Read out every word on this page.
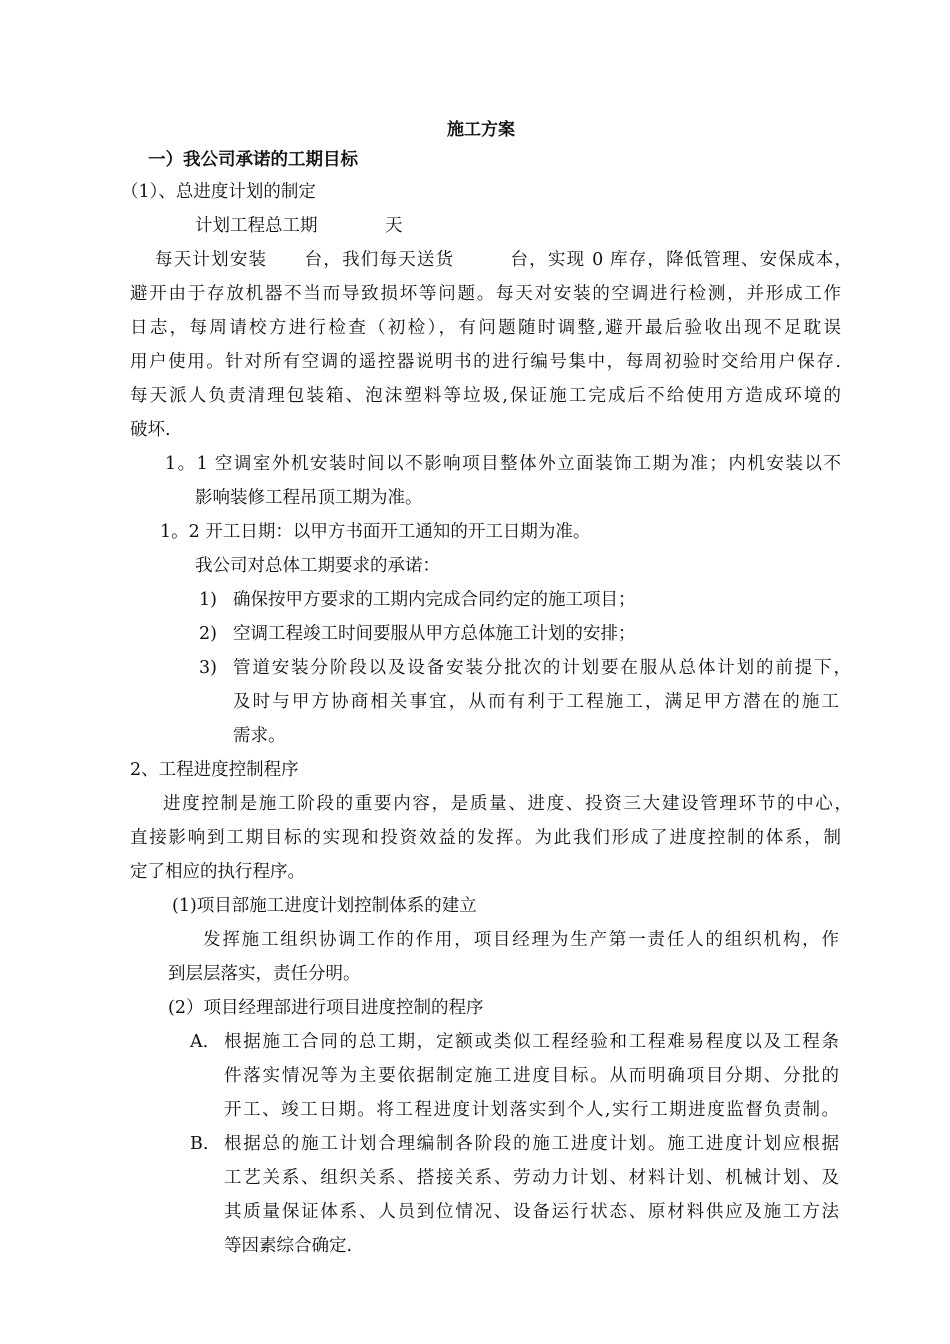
施工方案
一）我公司承诺的工期目标
（1）、总进度计划的制定
计划工程总工期	天
每天计划安装　　台，我们每天送货　　　台，实现 0 库存，降低管理、安保成本，
避开由于存放机器不当而导致损坏等问题。每天对安装的空调进行检测，并形成工作
日志，每周请校方进行检查（初检），有问题随时调整,避开最后验收出现不足耽误
用户使用。针对所有空调的遥控器说明书的进行编号集中，每周初验时交给用户保存.
每天派人负责清理包装箱、泡沫塑料等垃圾,保证施工完成后不给使用方造成环境的
破坏.
1。1 空调室外机安装时间以不影响项目整体外立面装饰工期为准；内机安装以不
影响装修工程吊顶工期为准。
1。2 开工日期：以甲方书面开工通知的开工日期为准。
我公司对总体工期要求的承诺：
1) 确保按甲方要求的工期内完成合同约定的施工项目；
2) 空调工程竣工时间要服从甲方总体施工计划的安排；
3) 管道安装分阶段以及设备安装分批次的计划要在服从总体计划的前提下，
及时与甲方协商相关事宜，从而有利于工程施工，满足甲方潜在的施工
需求。
2、工程进度控制程序
进度控制是施工阶段的重要内容，是质量、进度、投资三大建设管理环节的中心，
直接影响到工期目标的实现和投资效益的发挥。为此我们形成了进度控制的体系，制
定了相应的执行程序。
(1)项目部施工进度计划控制体系的建立
发挥施工组织协调工作的作用，项目经理为生产第一责任人的组织机构，作
到层层落实，责任分明。
(2）项目经理部进行项目进度控制的程序
A. 根据施工合同的总工期，定额或类似工程经验和工程难易程度以及工程条
件落实情况等为主要依据制定施工进度目标。从而明确项目分期、分批的
开工、竣工日期。将工程进度计划落实到个人,实行工期进度监督负责制。
B. 根据总的施工计划合理编制各阶段的施工进度计划。施工进度计划应根据
工艺关系、组织关系、搭接关系、劳动力计划、材料计划、机械计划、及
其质量保证体系、人员到位情况、设备运行状态、原材料供应及施工方法
等因素综合确定.
